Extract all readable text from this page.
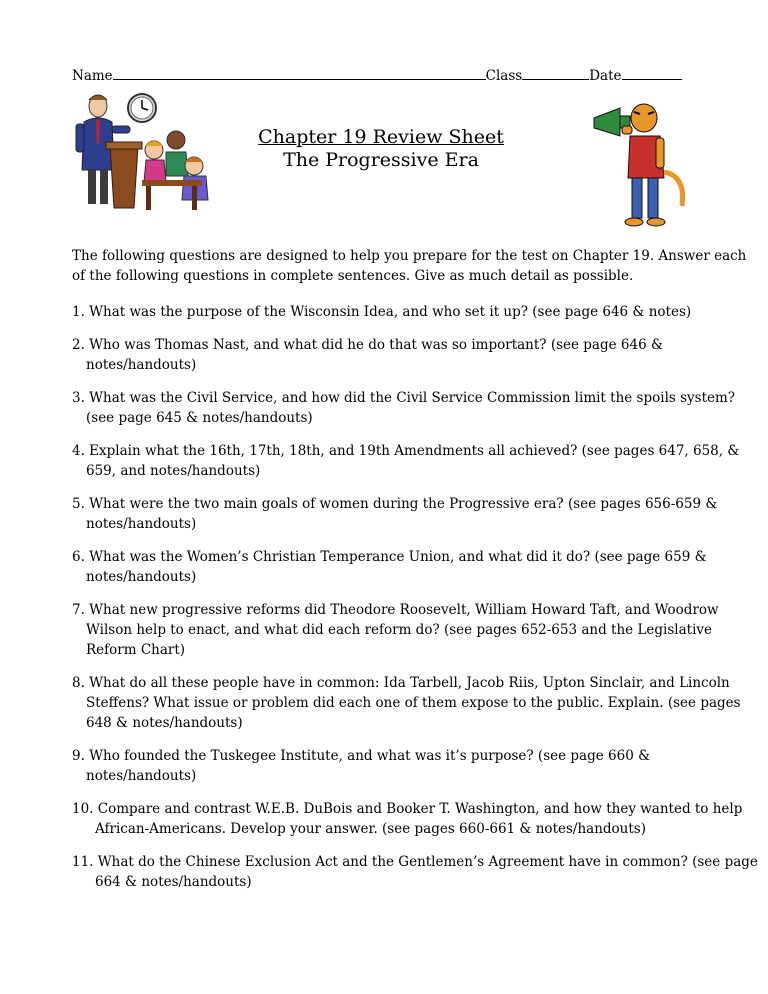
Name	Class	Date
Chapter 19 Review Sheet
The Progressive Era
The following questions are designed to help you prepare for the test on Chapter 19. Answer each of the following questions in complete sentences. Give as much detail as possible.

1. What was the purpose of the Wisconsin Idea, and who set it up? (see page 646 & notes)

2. Who was Thomas Nast, and what did he do that was so important? (see page 646 & notes/handouts)

3. What was the Civil Service, and how did the Civil Service Commission limit the spoils system? (see page 645 & notes/handouts)

4. Explain what the 16th, 17th, 18th, and 19th Amendments all achieved? (see pages 647, 658, & 659, and notes/handouts)

5. What were the two main goals of women during the Progressive era? (see pages 656-659 & notes/handouts)

6. What was the Women’s Christian Temperance Union, and what did it do? (see page 659 & notes/handouts)

7. What new progressive reforms did Theodore Roosevelt, William Howard Taft, and Woodrow Wilson help to enact, and what did each reform do? (see pages 652-653 and the Legislative Reform Chart)

8. What do all these people have in common: Ida Tarbell, Jacob Riis, Upton Sinclair, and Lincoln Steffens? What issue or problem did each one of them expose to the public. Explain. (see pages 648 & notes/handouts)

9. Who founded the Tuskegee Institute, and what was it’s purpose? (see page 660 & notes/handouts)

10. Compare and contrast W.E.B. DuBois and Booker T. Washington, and how they wanted to help African-Americans. Develop your answer. (see pages 660-661 & notes/handouts)

11. What do the Chinese Exclusion Act and the Gentlemen’s Agreement have in common? (see page 664 & notes/handouts)
